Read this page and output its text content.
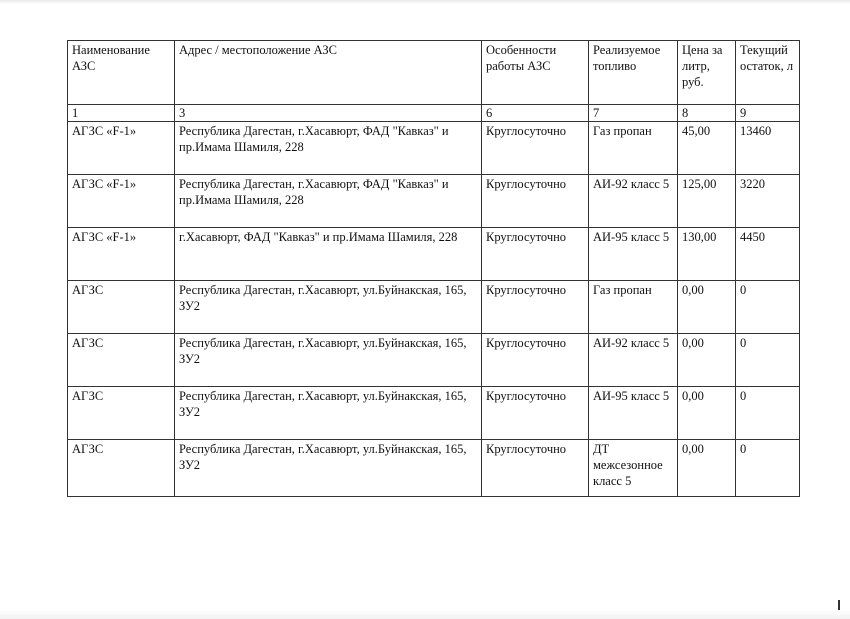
Наименование АЗС	Адрес / местоположение АЗС	Особенности работы АЗС	Реализуемое топливо	Цена за литр, руб.	Текущий остаток, л
1	3	6	7	8	9
АГЗС «F-1»	Республика Дагестан, г.Хасавюрт, ФАД "Кавказ" и пр.Имама Шамиля, 228	Круглосуточно	Газ пропан	45,00	13460
АГЗС «F-1»	Республика Дагестан, г.Хасавюрт, ФАД "Кавказ" и пр.Имама Шамиля, 228	Круглосуточно	АИ-92 класс 5	125,00	3220
АГЗС «F-1»	г.Хасавюрт, ФАД "Кавказ" и пр.Имама Шамиля, 228	Круглосуточно	АИ-95 класс 5	130,00	4450
АГЗС	Республика Дагестан, г.Хасавюрт, ул.Буйнакская, 165, ЗУ2	Круглосуточно	Газ пропан	0,00	0
АГЗС	Республика Дагестан, г.Хасавюрт, ул.Буйнакская, 165, ЗУ2	Круглосуточно	АИ-92 класс 5	0,00	0
АГЗС	Республика Дагестан, г.Хасавюрт, ул.Буйнакская, 165, ЗУ2	Круглосуточно	АИ-95 класс 5	0,00	0
АГЗС	Республика Дагестан, г.Хасавюрт, ул.Буйнакская, 165, ЗУ2	Круглосуточно	ДТ межсезонное класс 5	0,00	0
